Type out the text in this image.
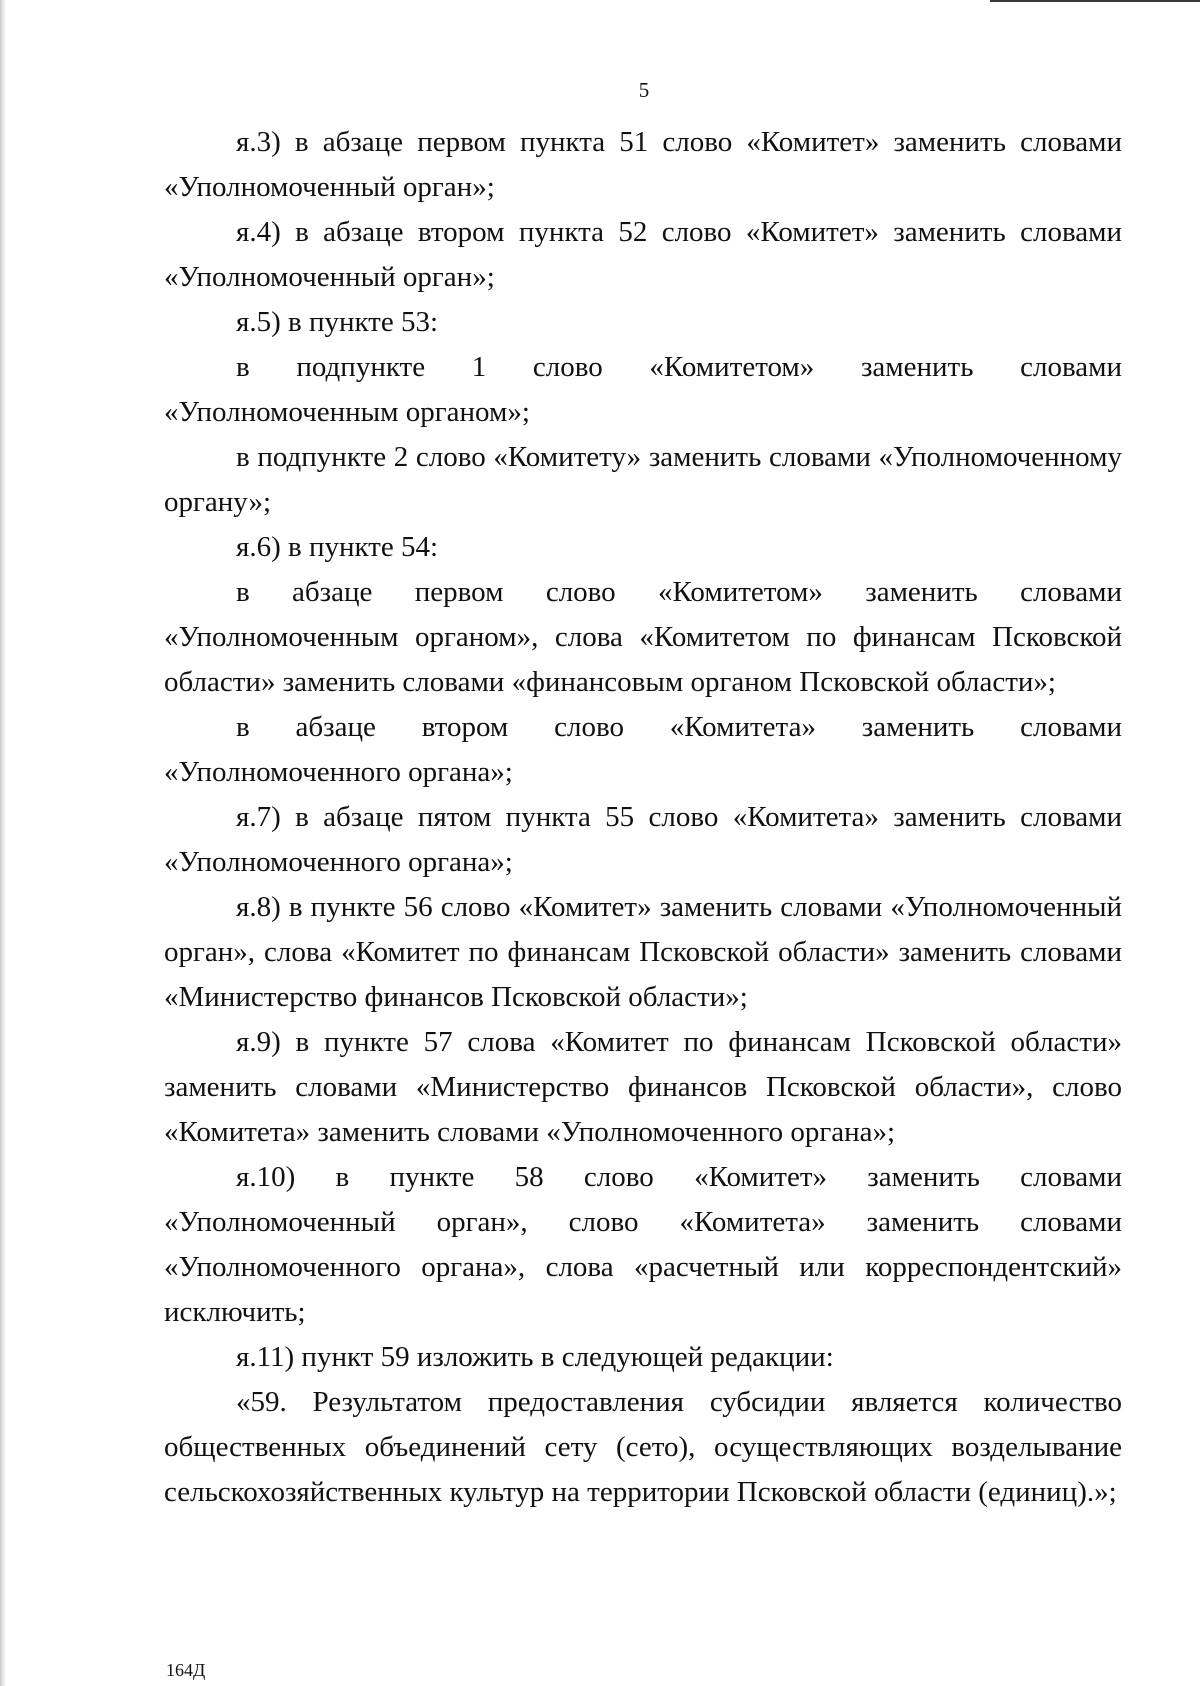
5

я.3) в абзаце первом пункта 51 слово «Комитет» заменить словами «Уполномоченный орган»;

я.4) в абзаце втором пункта 52 слово «Комитет» заменить словами «Уполномоченный орган»;

я.5) в пункте 53:

в подпункте 1 слово «Комитетом» заменить словами «Уполномоченным органом»;

в подпункте 2 слово «Комитету» заменить словами «Уполномоченному органу»;

я.6) в пункте 54:

в абзаце первом слово «Комитетом» заменить словами «Уполномоченным органом», слова «Комитетом по финансам Псковской области» заменить словами «финансовым органом Псковской области»;

в абзаце втором слово «Комитета» заменить словами «Уполномоченного органа»;

я.7) в абзаце пятом пункта 55 слово «Комитета» заменить словами «Уполномоченного органа»;

я.8) в пункте 56 слово «Комитет» заменить словами «Уполномоченный орган», слова «Комитет по финансам Псковской области» заменить словами «Министерство финансов Псковской области»;

я.9) в пункте 57 слова «Комитет по финансам Псковской области» заменить словами «Министерство финансов Псковской области», слово «Комитета» заменить словами «Уполномоченного органа»;

я.10) в пункте 58 слово «Комитет» заменить словами «Уполномоченный орган», слово «Комитета» заменить словами «Уполномоченного органа», слова «расчетный или корреспондентский» исключить;

я.11) пункт 59 изложить в следующей редакции:

«59. Результатом предоставления субсидии является количество общественных объединений сету (сето), осуществляющих возделывание сельскохозяйственных культур на территории Псковской области (единиц).»;

164Д
